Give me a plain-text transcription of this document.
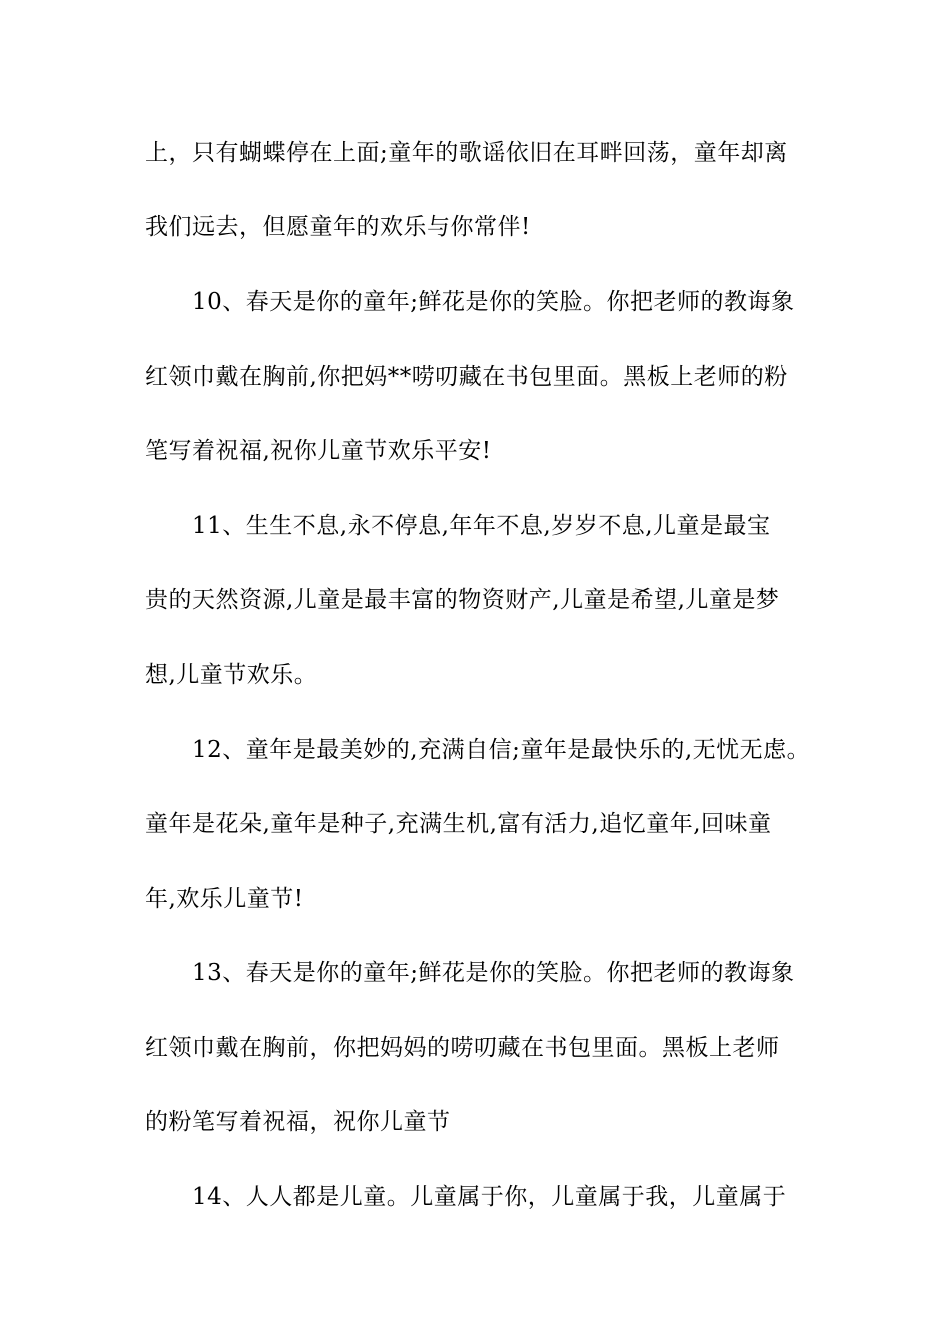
上，只有蝴蝶停在上面;童年的歌谣依旧在耳畔回荡，童年却离
我们远去，但愿童年的欢乐与你常伴!
10、春天是你的童年;鲜花是你的笑脸。你把老师的教诲象
红领巾戴在胸前,你把妈**唠叨藏在书包里面。黑板上老师的粉
笔写着祝福,祝你儿童节欢乐平安!
11、生生不息,永不停息,年年不息,岁岁不息,儿童是最宝
贵的天然资源,儿童是最丰富的物资财产,儿童是希望,儿童是梦
想,儿童节欢乐。
12、童年是最美妙的,充满自信;童年是最快乐的,无忧无虑。
童年是花朵,童年是种子,充满生机,富有活力,追忆童年,回味童
年,欢乐儿童节!
13、春天是你的童年;鲜花是你的笑脸。你把老师的教诲象
红领巾戴在胸前，你把妈妈的唠叨藏在书包里面。黑板上老师
的粉笔写着祝福，祝你儿童节
14、人人都是儿童。儿童属于你，儿童属于我，儿童属于
